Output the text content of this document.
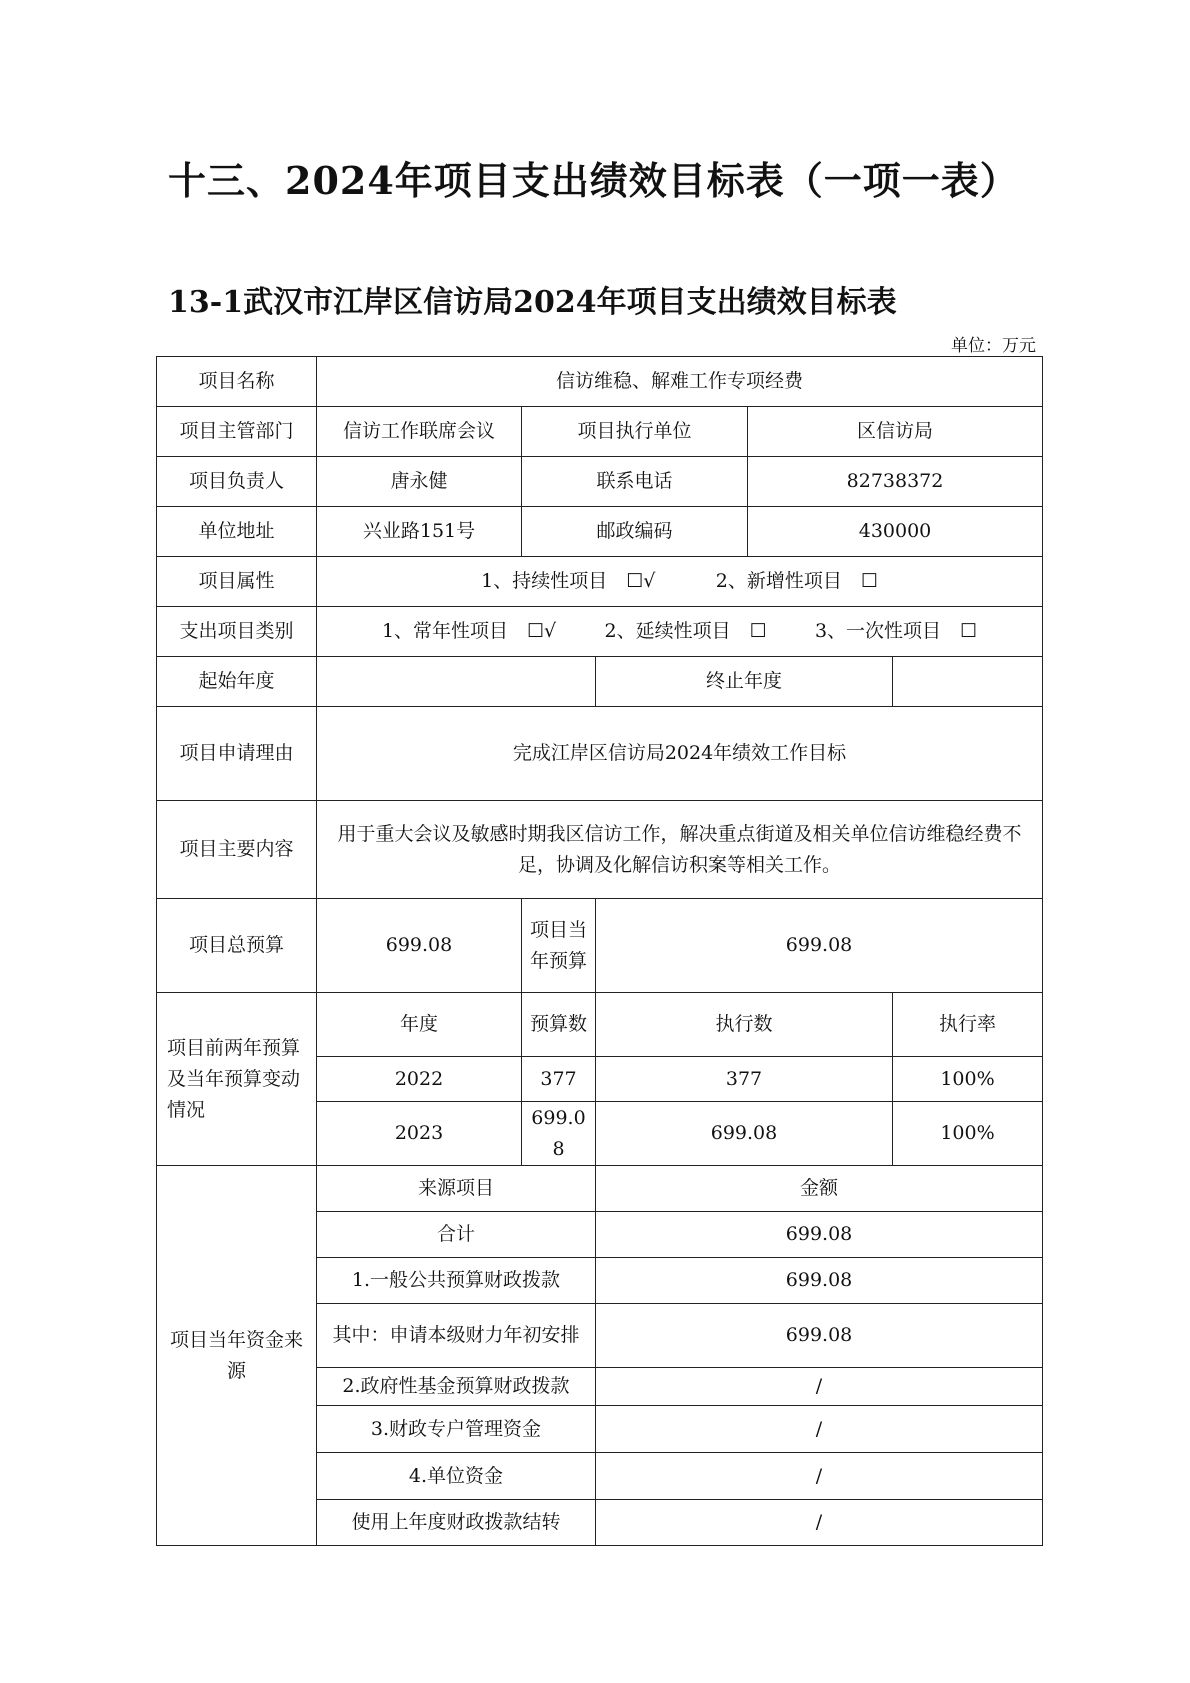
十三、2024年项目支出绩效目标表（一项一表）
13-1武汉市江岸区信访局2024年项目支出绩效目标表
单位：万元
项目名称	信访维稳、解难工作专项经费				
项目主管部门	信访工作联席会议	项目执行单位		区信访局	
项目负责人	唐永健	联系电话		82738372	
单位地址	兴业路151号	邮政编码		430000	
项目属性	1、持续性项目　☐√ 2、新增性项目　☐				
支出项目类别	1、常年性项目　☐√ 2、延续性项目　☐ 3、一次性项目　☐				
起始年度			终止年度		
项目申请理由	完成江岸区信访局2024年绩效工作目标				
项目主要内容	用于重大会议及敏感时期我区信访工作，解决重点街道及相关单位信访维稳经费不足，协调及化解信访积案等相关工作。				
项目总预算	699.08	项目当年预算	699.08		
项目前两年预算及当年预算变动情况	年度	预算数	执行数		执行率
	2022	377	377		100%
	2023	699.08	699.08		100%
项目当年资金来源	来源项目		金额		
	合计		699.08		
	1.一般公共预算财政拨款		699.08		
	其中：申请本级财力年初安排		699.08		
	2.政府性基金预算财政拨款		/		
	3.财政专户管理资金		/		
	4.单位资金		/		
	使用上年度财政拨款结转		/		
